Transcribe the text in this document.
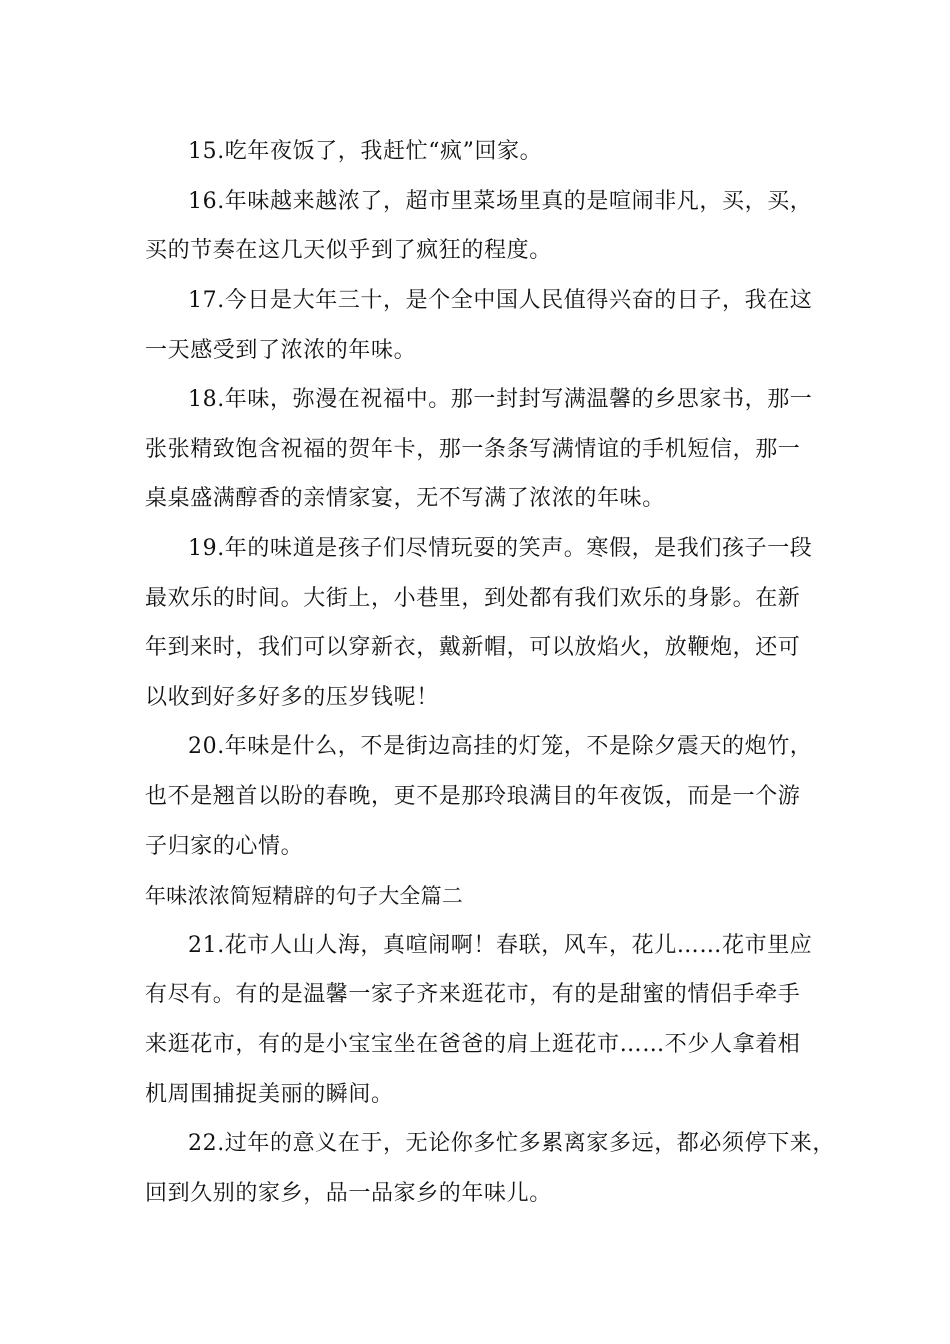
15.吃年夜饭了，我赶忙“疯”回家。
16.年味越来越浓了，超市里菜场里真的是喧闹非凡，买，买，
买的节奏在这几天似乎到了疯狂的程度。
17.今日是大年三十，是个全中国人民值得兴奋的日子，我在这
一天感受到了浓浓的年味。
18.年味，弥漫在祝福中。那一封封写满温馨的乡思家书，那一
张张精致饱含祝福的贺年卡，那一条条写满情谊的手机短信，那一
桌桌盛满醇香的亲情家宴，无不写满了浓浓的年味。
19.年的味道是孩子们尽情玩耍的笑声。寒假，是我们孩子一段
最欢乐的时间。大街上，小巷里，到处都有我们欢乐的身影。在新
年到来时，我们可以穿新衣，戴新帽，可以放焰火，放鞭炮，还可
以收到好多好多的压岁钱呢！
20.年味是什么，不是街边高挂的灯笼，不是除夕震天的炮竹，
也不是翘首以盼的春晚，更不是那玲琅满目的年夜饭，而是一个游
子归家的心情。
年味浓浓简短精辟的句子大全篇二
21.花市人山人海，真喧闹啊！春联，风车，花儿……花市里应
有尽有。有的是温馨一家子齐来逛花市，有的是甜蜜的情侣手牵手
来逛花市，有的是小宝宝坐在爸爸的肩上逛花市……不少人拿着相
机周围捕捉美丽的瞬间。
22.过年的意义在于，无论你多忙多累离家多远，都必须停下来，
回到久别的家乡，品一品家乡的年味儿。
